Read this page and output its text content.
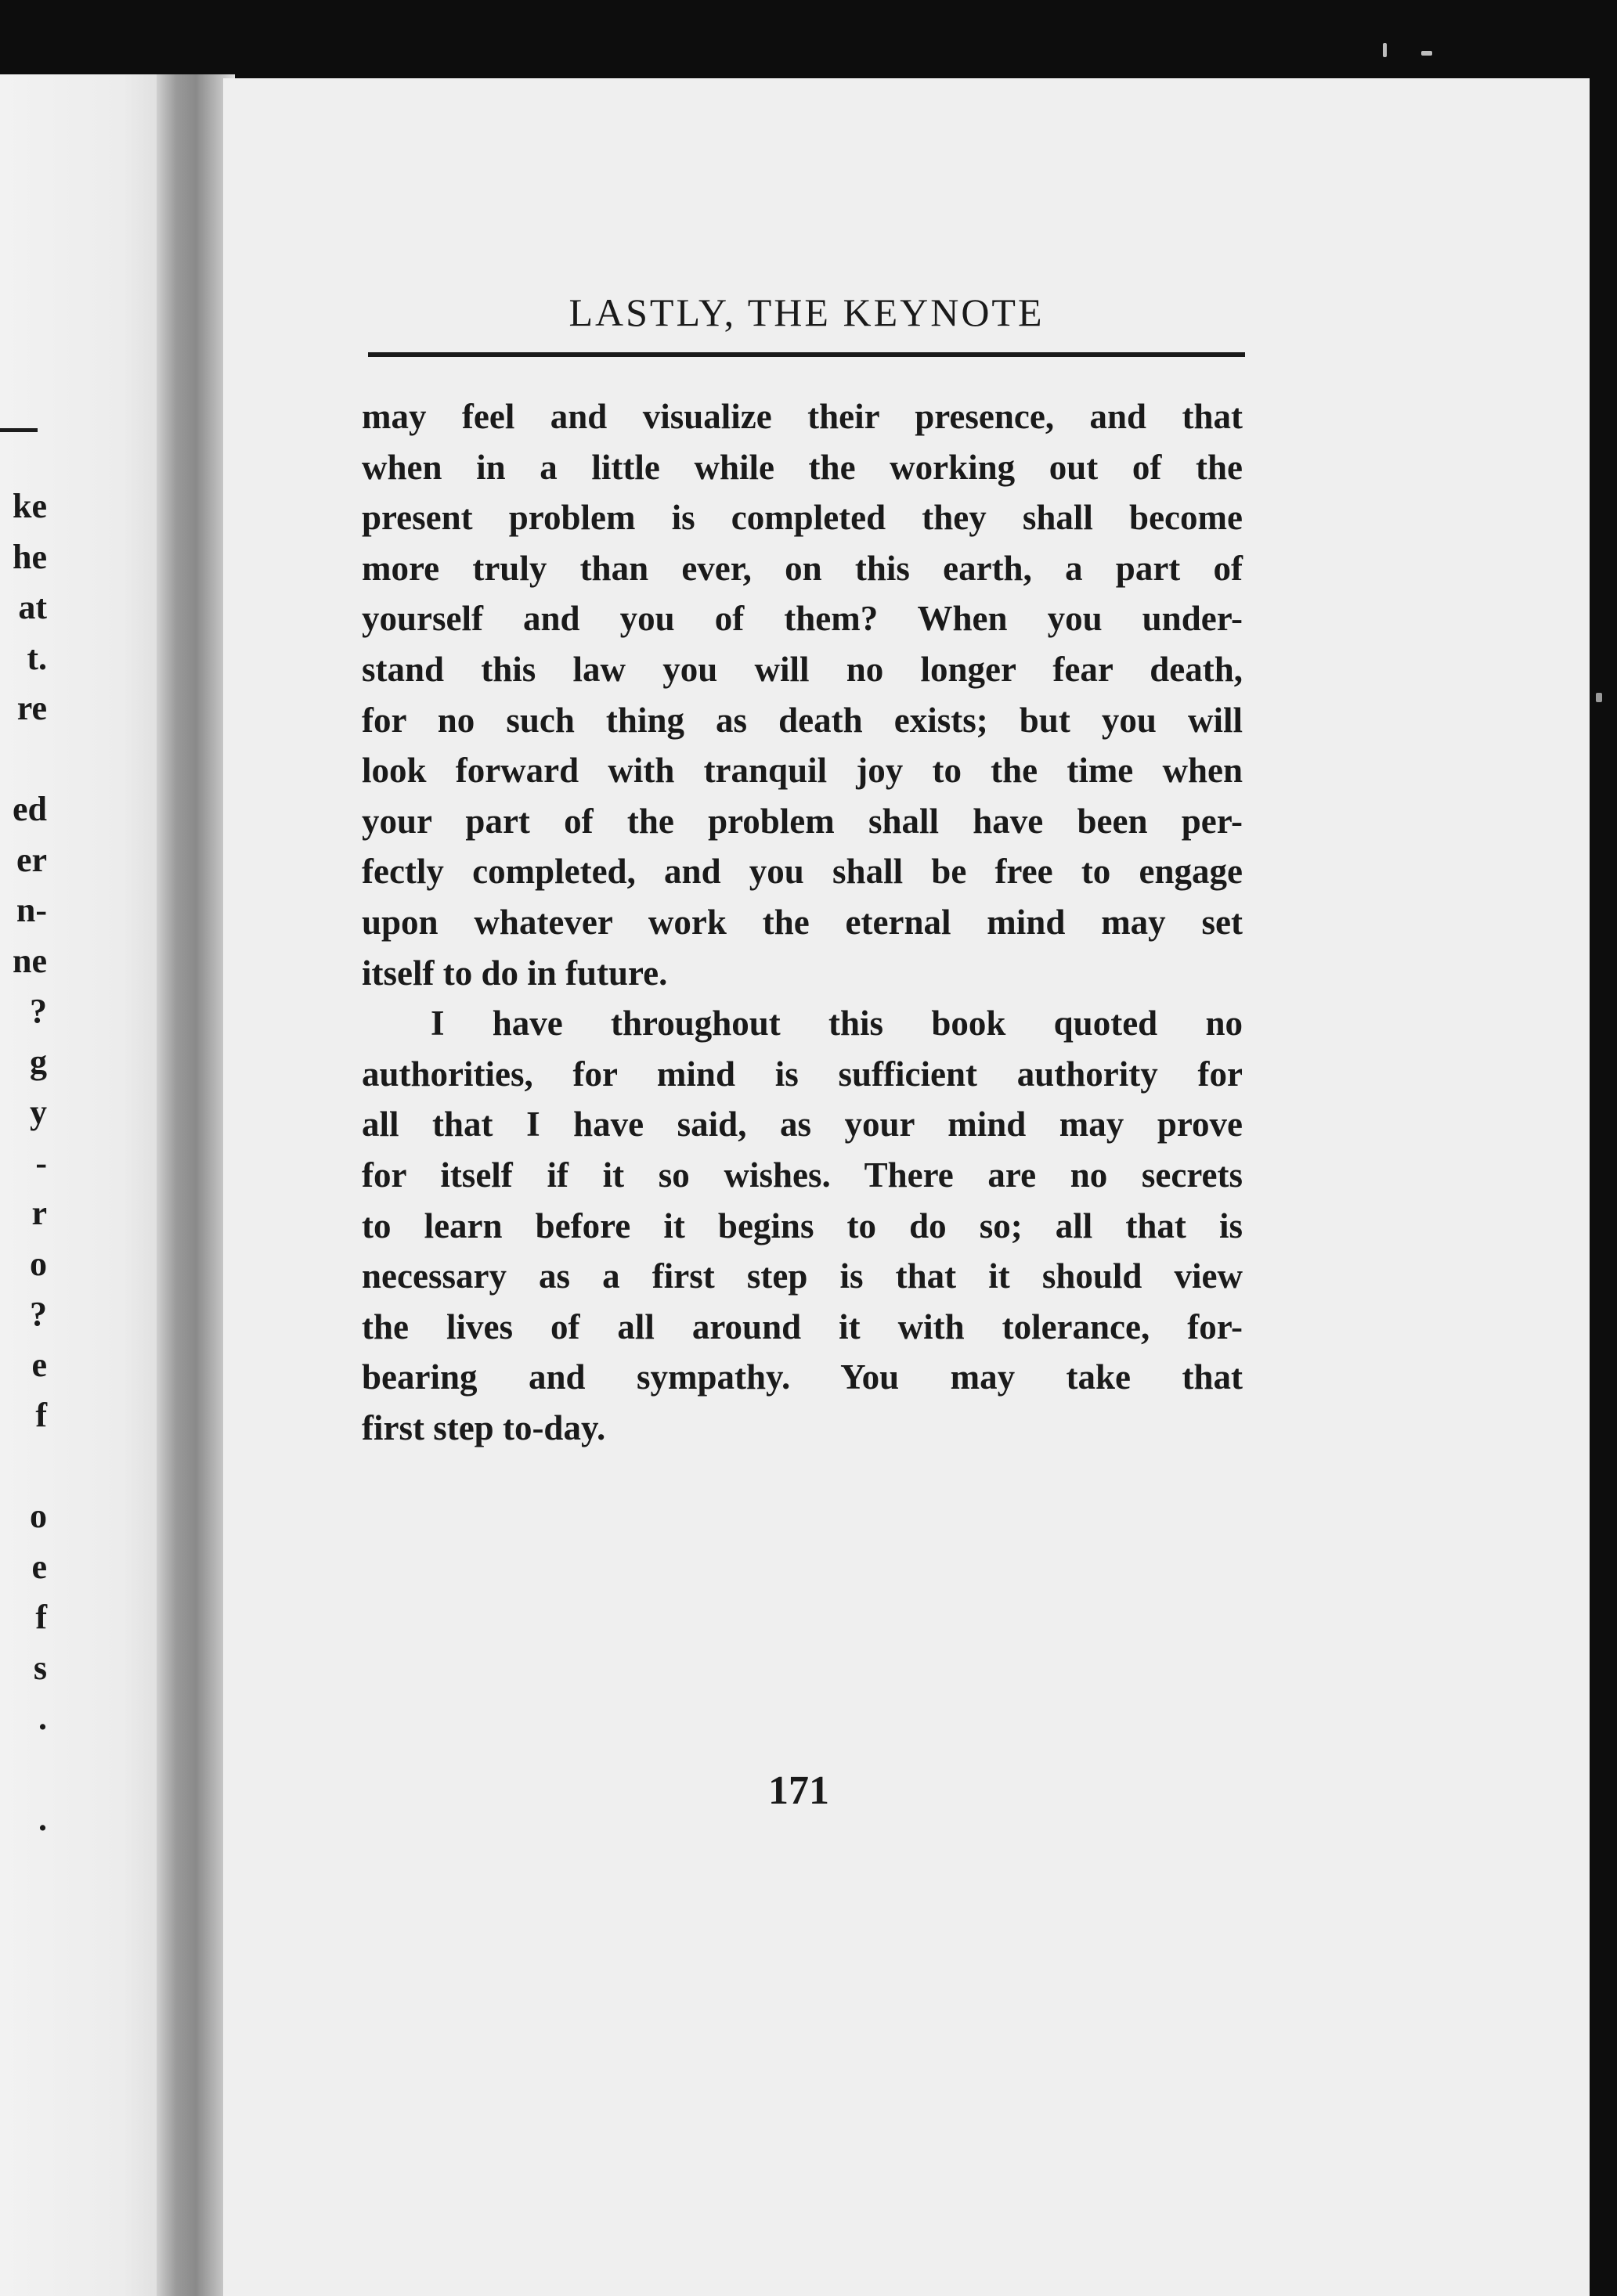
ke
he
at
t.
re
ed
er
n-
ne
?
g
y
-
r
o
?
e
f
o
e
f
s
.
.
LASTLY, THE KEYNOTE
may feel and visualize their presence, and that
when in a little while the working out of the
present problem is completed they shall become
more truly than ever, on this earth, a part of
yourself and you of them? When you under-
stand this law you will no longer fear death,
for no such thing as death exists; but you will
look forward with tranquil joy to the time when
your part of the problem shall have been per-
fectly completed, and you shall be free to engage
upon whatever work the eternal mind may set
itself to do in future.
I have throughout this book quoted no
authorities, for mind is sufficient authority for
all that I have said, as your mind may prove
for itself if it so wishes. There are no secrets
to learn before it begins to do so; all that is
necessary as a first step is that it should view
the lives of all around it with tolerance, for-
bearing and sympathy. You may take that
first step to-day.
171
